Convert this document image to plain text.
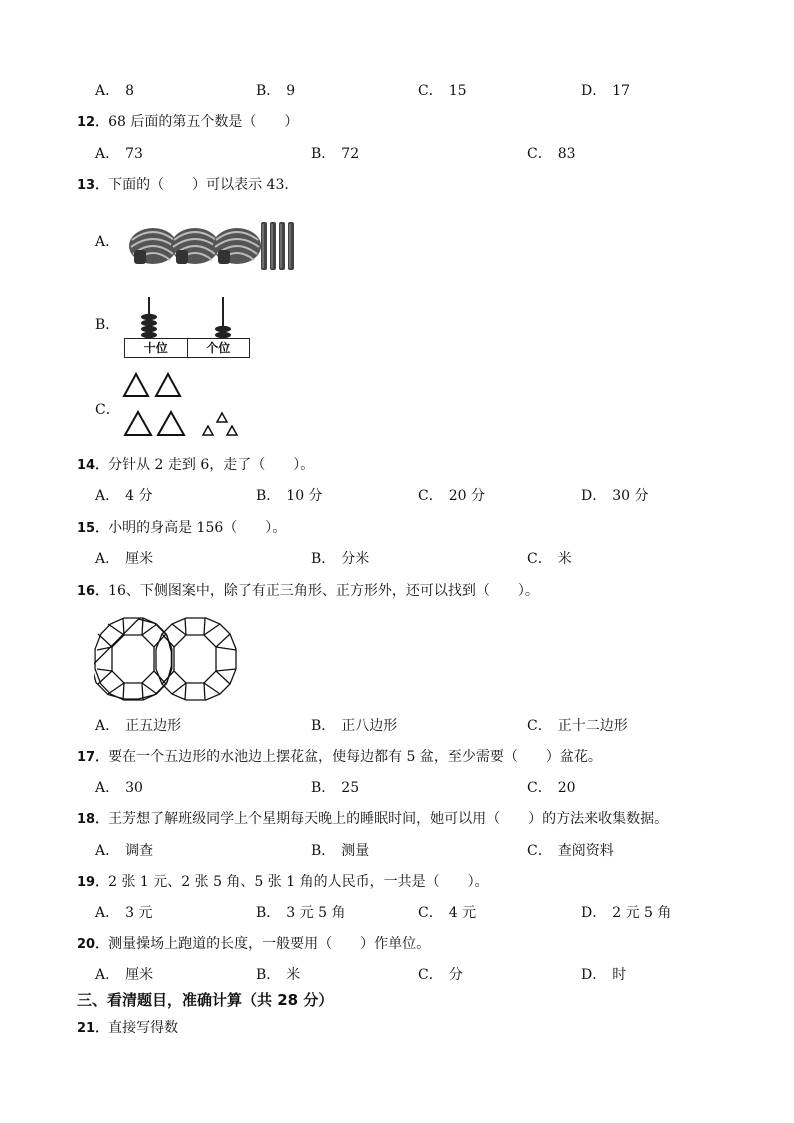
A． 8	B． 9	C． 15	D． 17
12．68 后面的第五个数是（　　）
A． 73	B． 72	C． 83
13．下面的（　　）可以表示 43．
A．
B．
十位	个位
C．
14．分针从 2 走到 6，走了（　　）。
A． 4 分	B． 10 分	C． 20 分	D． 30 分
15．小明的身高是 156（　　）。
A． 厘米	B． 分米	C． 米
16．16、下侧图案中，除了有正三角形、正方形外，还可以找到（　　）。
A． 正五边形	B． 正八边形	C． 正十二边形
17．要在一个五边形的水池边上摆花盆，使每边都有 5 盆，至少需要（　　）盆花。
A． 30	B． 25	C． 20
18．王芳想了解班级同学上个星期每天晚上的睡眠时间，她可以用（　　）的方法来收集数据。
A． 调查	B． 测量	C． 查阅资料
19．2 张 1 元、2 张 5 角、5 张 1 角的人民币，一共是（　　）。
A． 3 元	B． 3 元 5 角	C． 4 元	D． 2 元 5 角
20．测量操场上跑道的长度，一般要用（　　）作单位。
A． 厘米	B． 米	C． 分	D． 时
三、看清题目，准确计算（共 28 分）
21．直接写得数
